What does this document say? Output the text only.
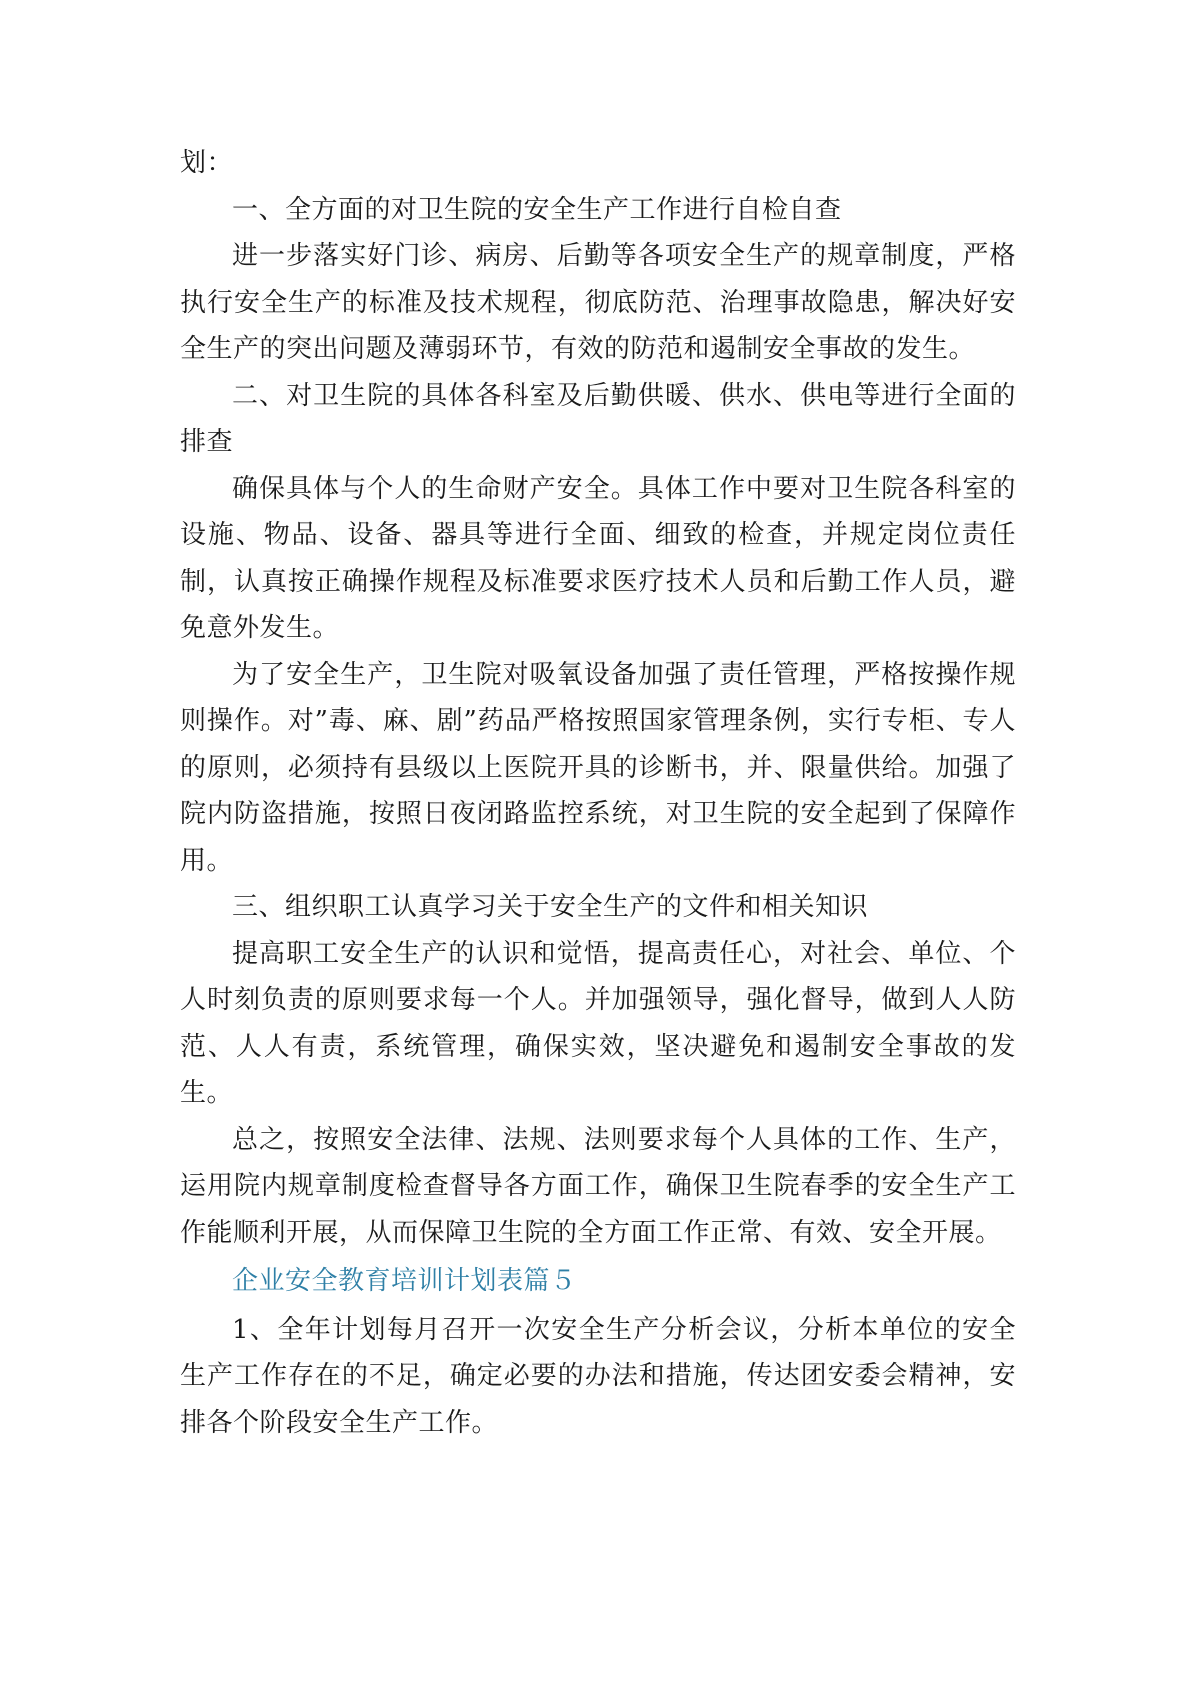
划：

一、全方面的对卫生院的安全生产工作进行自检自查

进一步落实好门诊、病房、后勤等各项安全生产的规章制度，严格执行安全生产的标准及技术规程，彻底防范、治理事故隐患，解决好安全生产的突出问题及薄弱环节，有效的防范和遏制安全事故的发生。

二、对卫生院的具体各科室及后勤供暖、供水、供电等进行全面的排查

确保具体与个人的生命财产安全。具体工作中要对卫生院各科室的设施、物品、设备、器具等进行全面、细致的检查，并规定岗位责任制，认真按正确操作规程及标准要求医疗技术人员和后勤工作人员，避免意外发生。

为了安全生产，卫生院对吸氧设备加强了责任管理，严格按操作规则操作。对”毒、麻、剧”药品严格按照国家管理条例，实行专柜、专人的原则，必须持有县级以上医院开具的诊断书，并、限量供给。加强了院内防盗措施，按照日夜闭路监控系统，对卫生院的安全起到了保障作用。

三、组织职工认真学习关于安全生产的文件和相关知识

提高职工安全生产的认识和觉悟，提高责任心，对社会、单位、个人时刻负责的原则要求每一个人。并加强领导，强化督导，做到人人防范、人人有责，系统管理，确保实效，坚决避免和遏制安全事故的发生。

总之，按照安全法律、法规、法则要求每个人具体的工作、生产，运用院内规章制度检查督导各方面工作，确保卫生院春季的安全生产工作能顺利开展，从而保障卫生院的全方面工作正常、有效、安全开展。

企业安全教育培训计划表篇５

1、全年计划每月召开一次安全生产分析会议，分析本单位的安全生产工作存在的不足，确定必要的办法和措施，传达团安委会精神，安排各个阶段安全生产工作。
